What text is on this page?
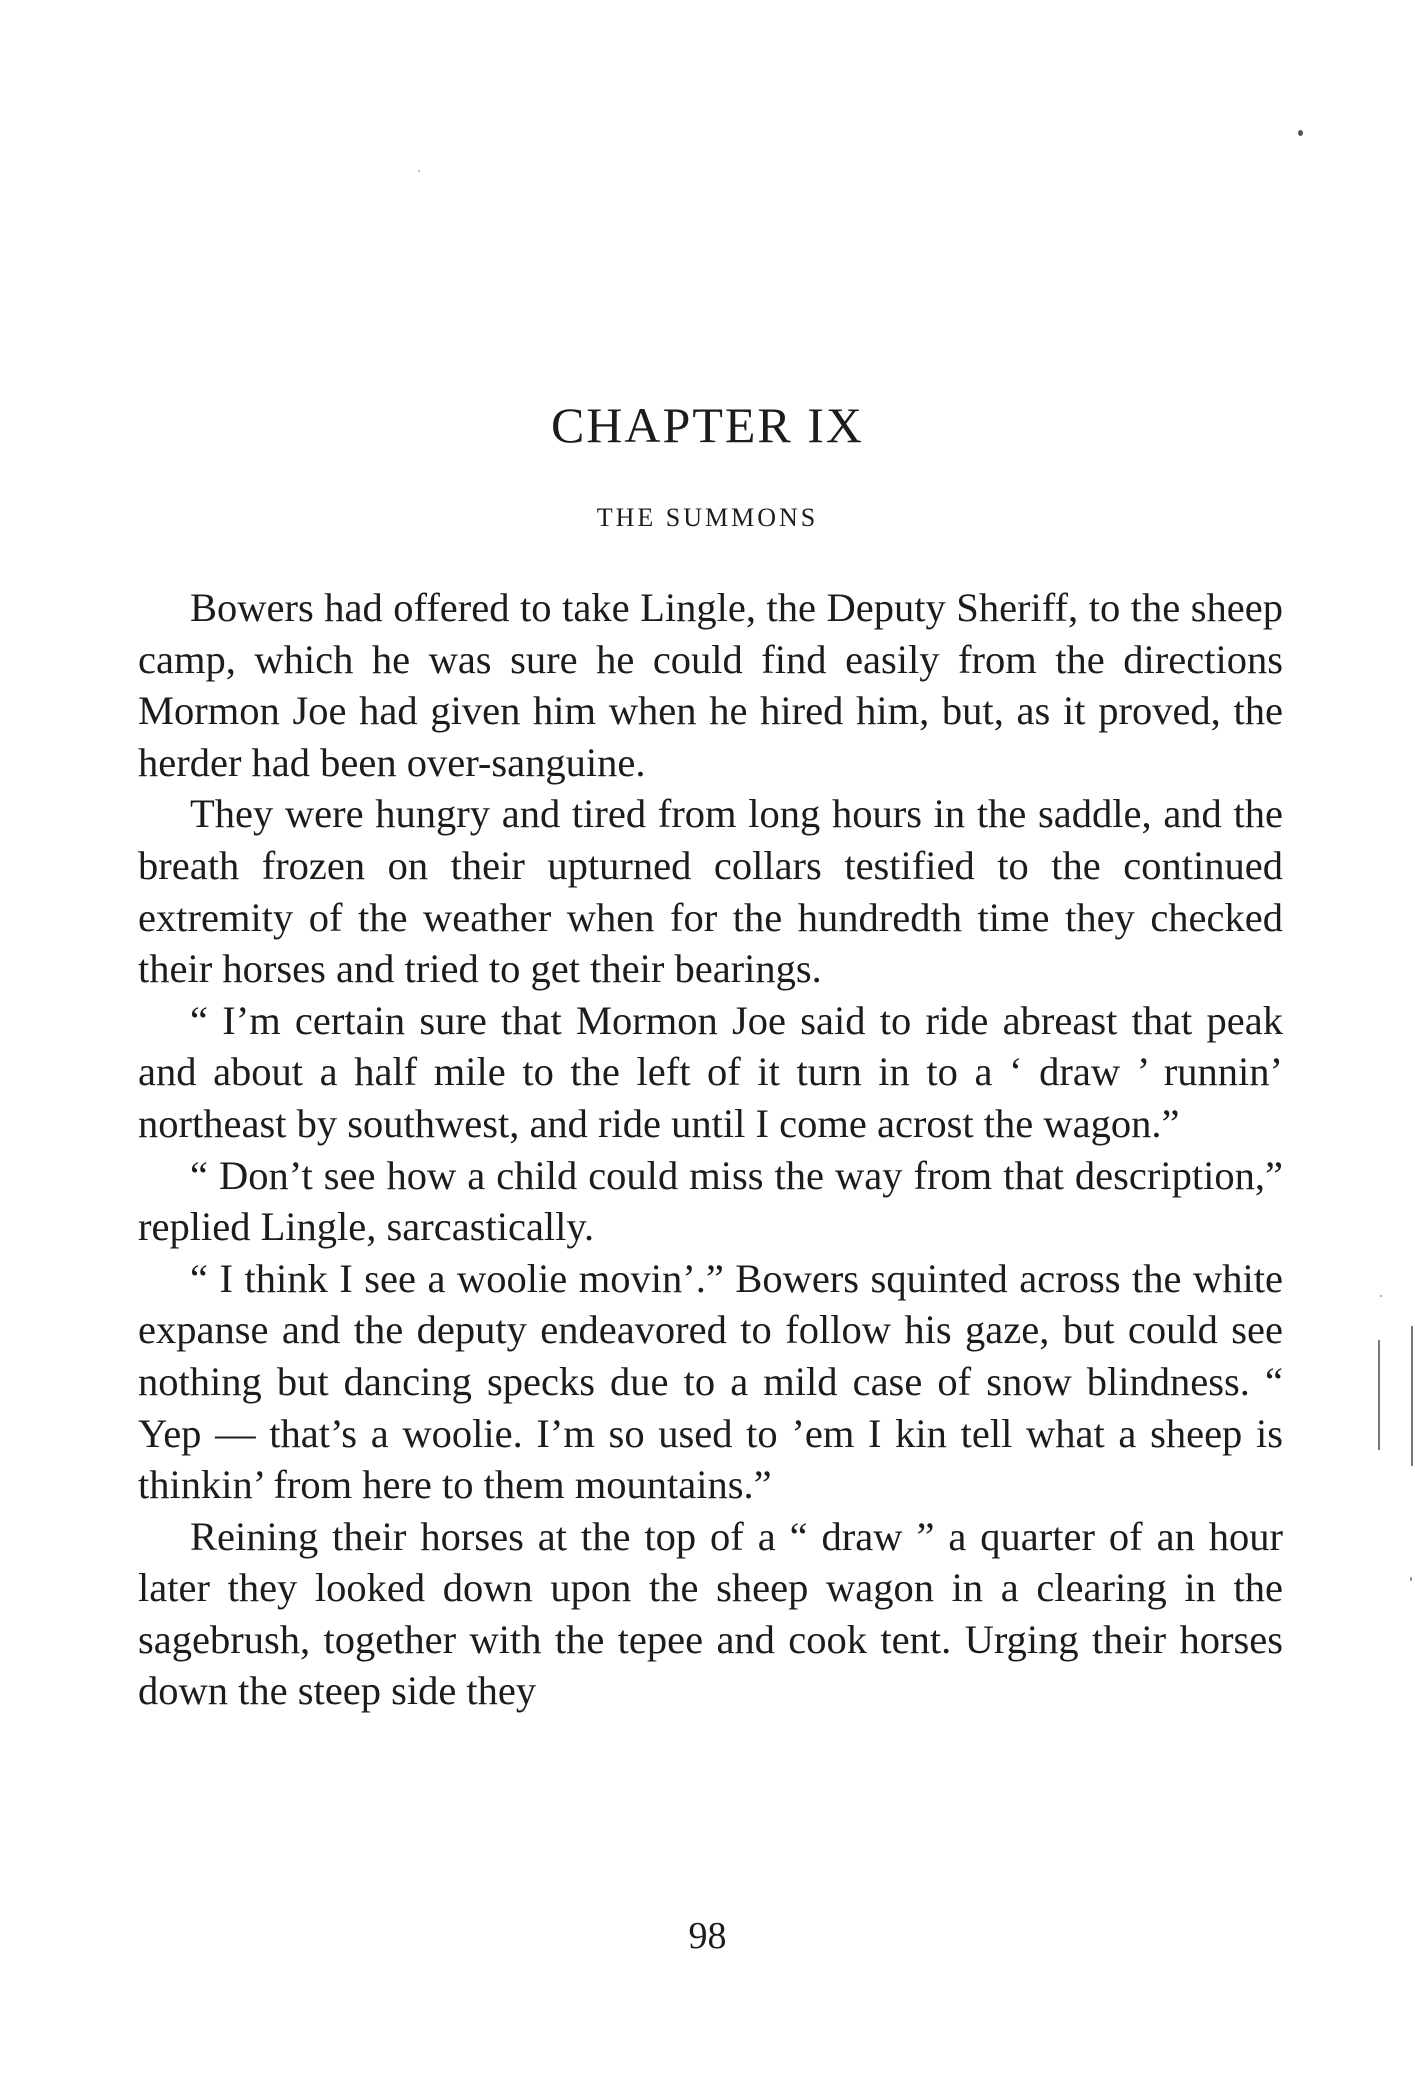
CHAPTER IX
THE SUMMONS

Bowers had offered to take Lingle, the Deputy Sheriff, to the sheep camp, which he was sure he could find easily from the directions Mormon Joe had given him when he hired him, but, as it proved, the herder had been over-sanguine.

They were hungry and tired from long hours in the saddle, and the breath frozen on their upturned collars testified to the continued extremity of the weather when for the hundredth time they checked their horses and tried to get their bearings.

“ I’m certain sure that Mormon Joe said to ride abreast that peak and about a half mile to the left of it turn in to a ‘ draw ’ runnin’ northeast by southwest, and ride until I come acrost the wagon.”

“ Don’t see how a child could miss the way from that description,” replied Lingle, sarcastically.

“ I think I see a woolie movin’.” Bowers squinted across the white expanse and the deputy endeavored to follow his gaze, but could see nothing but dancing specks due to a mild case of snow blindness. “ Yep — that’s a woolie. I’m so used to ’em I kin tell what a sheep is thinkin’ from here to them mountains.”

Reining their horses at the top of a “ draw ” a quarter of an hour later they looked down upon the sheep wagon in a clearing in the sagebrush, together with the tepee and cook tent. Urging their horses down the steep side they

98
